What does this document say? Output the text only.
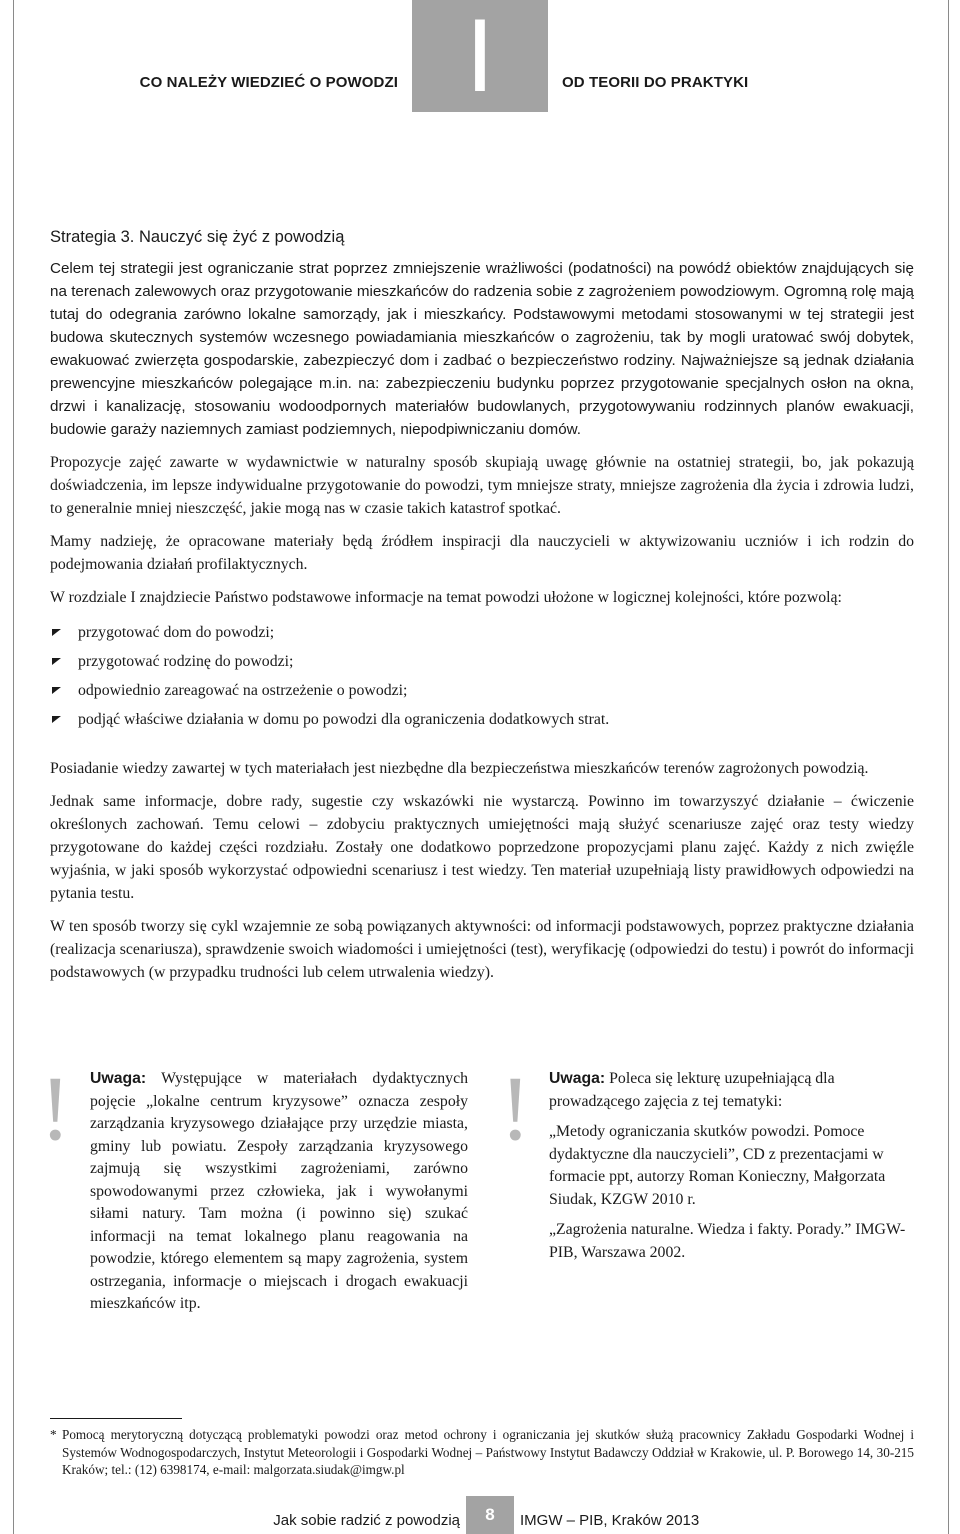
CO NALEŻY WIEDZIEĆ O POWODZI I	OD TEORII DO PRAKTYKI
Strategia 3. Nauczyć się żyć z powodzią

Celem tej strategii jest ograniczanie strat poprzez zmniejszenie wrażliwości (podatności) na powódź obiektów znajdujących się na terenach zalewowych oraz przygotowanie mieszkańców do radzenia sobie z zagrożeniem powodziowym. Ogromną rolę mają tutaj do odegrania zarówno lokalne samorządy, jak i mieszkańcy. Podstawowymi metodami stosowanymi w tej strategii jest budowa skutecznych systemów wczesnego powiadamiania mieszkańców o zagrożeniu, tak by mogli uratować swój dobytek, ewakuować zwierzęta gospodarskie, zabezpieczyć dom i zadbać o bezpieczeństwo rodziny. Najważniejsze są jednak działania prewencyjne mieszkańców polegające m.in. na: zabezpieczeniu budynku poprzez przygotowanie specjalnych osłon na okna, drzwi i kanalizację, stosowaniu wodoodpornych materiałów budowlanych, przygotowywaniu rodzinnych planów ewakuacji, budowie garaży naziemnych zamiast podziemnych, niepodpiwniczaniu domów.

Propozycje zajęć zawarte w wydawnictwie w naturalny sposób skupiają uwagę głównie na ostatniej strategii, bo, jak pokazują doświadczenia, im lepsze indywidualne przygotowanie do powodzi, tym mniejsze straty, mniejsze zagrożenia dla życia i zdrowia ludzi, to generalnie mniej nieszczęść, jakie mogą nas w czasie takich katastrof spotkać.

Mamy nadzieję, że opracowane materiały będą źródłem inspiracji dla nauczycieli w aktywizowaniu uczniów i ich rodzin do podejmowania działań profilaktycznych.

W rozdziale I znajdziecie Państwo podstawowe informacje na temat powodzi ułożone w logicznej kolejności, które pozwolą:

przygotować dom do powodzi;
przygotować rodzinę do powodzi;
odpowiednio zareagować na ostrzeżenie o powodzi;
podjąć właściwe działania w domu po powodzi dla ograniczenia dodatkowych strat.

Posiadanie wiedzy zawartej w tych materiałach jest niezbędne dla bezpieczeństwa mieszkańców terenów zagrożonych powodzią.

Jednak same informacje, dobre rady, sugestie czy wskazówki nie wystarczą. Powinno im towarzyszyć działanie – ćwiczenie określonych zachowań. Temu celowi – zdobyciu praktycznych umiejętności mają służyć scenariusze zajęć oraz testy wiedzy przygotowane do każdej części rozdziału. Zostały one dodatkowo poprzedzone propozycjami planu zajęć. Każdy z nich zwięźle wyjaśnia, w jaki sposób wykorzystać odpowiedni scenariusz i test wiedzy. Ten materiał uzupełniają listy prawidłowych odpowiedzi na pytania testu.

W ten sposób tworzy się cykl wzajemnie ze sobą powiązanych aktywności: od informacji podstawowych, poprzez praktyczne działania (realizacja scenariusza), sprawdzenie swoich wiadomości i umiejętności (test), weryfikację (odpowiedzi do testu) i powrót do informacji podstawowych (w przypadku trudności lub celem utrwalenia wiedzy).

! Uwaga: Występujące w materiałach dydaktycznych pojęcie „lokalne centrum kryzysowe” oznacza zespoły zarządzania kryzysowego działające przy urzędzie miasta, gminy lub powiatu. Zespoły zarządzania kryzysowego zajmują się wszystkimi zagrożeniami, zarówno spowodowanymi przez człowieka, jak i wywołanymi siłami natury. Tam można (i powinno się) szukać informacji na temat lokalnego planu reagowania na powodzie, którego elementem są mapy zagrożenia, system ostrzegania, informacje o miejscach i drogach ewakuacji mieszkańców itp.

! Uwaga: Poleca się lekturę uzupełniającą dla prowadzącego zajęcia z tej tematyki:

„Metody ograniczania skutków powodzi. Pomoce dydaktyczne dla nauczycieli”, CD z prezentacjami w formacie ppt, autorzy Roman Konieczny, Małgorzata Siudak, KZGW 2010 r.

„Zagrożenia naturalne. Wiedza i fakty. Porady.” IMGW-PIB, Warszawa 2002.

* Pomocą merytoryczną dotyczącą problematyki powodzi oraz metod ochrony i ograniczania jej skutków służą pracownicy Zakładu Gospodarki Wodnej i Systemów Wodnogospodarczych, Instytut Meteorologii i Gospodarki Wodnej – Państwowy Instytut Badawczy Oddział w Krakowie, ul. P. Borowego 14, 30-215 Kraków; tel.: (12) 6398174, e-mail: malgorzata.siudak@imgw.pl
Jak sobie radzić z powodzią	8	IMGW – PIB, Kraków 2013
